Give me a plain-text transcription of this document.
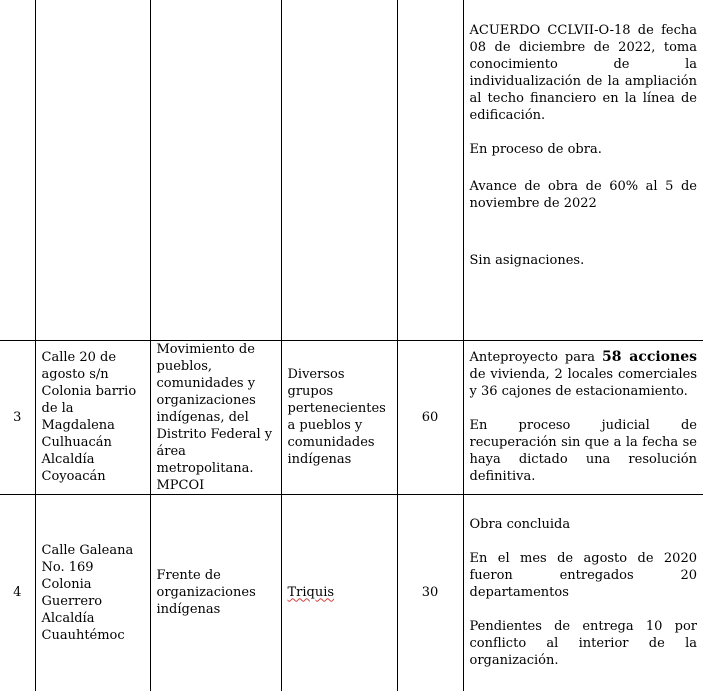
					ACUERDO CCLVII-O-18 de fecha 08 de diciembre de 2022, toma conocimiento de la individualización de la ampliación al techo financiero en la línea de edificación.

En proceso de obra.

Avance de obra de 60% al 5 de noviembre de 2022

Sin asignaciones.

3	Calle 20 de agosto s/n Colonia barrio de la Magdalena Culhuacán Alcaldía Coyoacán	Movimiento de pueblos, comunidades y organizaciones indígenas, del Distrito Federal y área metropolitana. MPCOI	Diversos grupos pertenecientes a pueblos y comunidades indígenas	60	Anteproyecto para 58 acciones de vivienda, 2 locales comerciales y 36 cajones de estacionamiento.

En proceso judicial de recuperación sin que a la fecha se haya dictado una resolución definitiva.

4	Calle Galeana No. 169 Colonia Guerrero Alcaldía Cuauhtémoc	Frente de organizaciones indígenas	Triquis	30	Obra concluida

En el mes de agosto de 2020 fueron entregados 20 departamentos

Pendientes de entrega 10 por conflicto al interior de la organización.
